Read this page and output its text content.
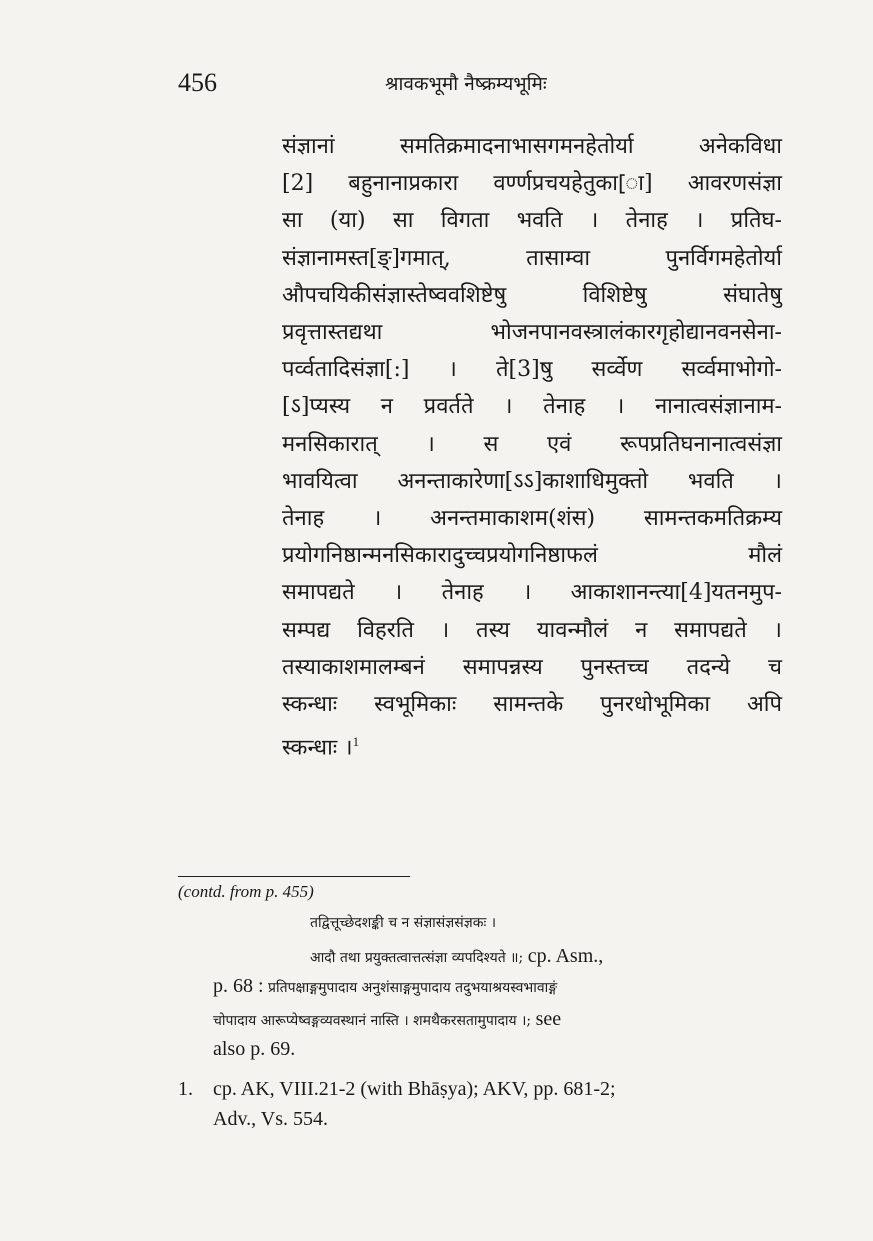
456	श्रावकभूमौ नैष्क्रम्यभूमिः
संज्ञानां समतिक्रमादनाभासगमनहेतोर्या अनेकविधा
[2] बहुनानाप्रकारा वर्ण्णप्रचयहेतुका[ा] आवरणसंज्ञा
सा (या) सा विगता भवति । तेनाह । प्रतिघ-
संज्ञानामस्त[ङ्]गमात्, तासाम्वा पुनर्विगमहेतोर्या
औपचयिकीसंज्ञास्तेष्ववशिष्टेषु विशिष्टेषु संघातेषु
प्रवृत्तास्तद्यथा भोजनपानवस्त्रालंकारगृहोद्यानवनसेना-
पर्व्वतादिसंज्ञा[:] । ते[3]षु सर्व्वेण सर्व्वमाभोगो-
[ऽ]प्यस्य न प्रवर्तते । तेनाह । नानात्वसंज्ञानाम-
मनसिकारात् । स एवं रूपप्रतिघनानात्वसंज्ञा
भावयित्वा अनन्ताकारेणा[ऽऽ]काशाधिमुक्तो भवति ।
तेनाह । अनन्तमाकाशम(शंस) सामन्तकमतिक्रम्य
प्रयोगनिष्ठान्मनसिकारादुच्चप्रयोगनिष्ठाफलं मौलं
समापद्यते । तेनाह । आकाशानन्त्या[4]यतनमुप-
सम्पद्य विहरति । तस्य यावन्मौलं न समापद्यते ।
तस्याकाशमालम्बनं समापन्नस्य पुनस्तच्च तदन्ये च
स्कन्धाः स्वभूमिकाः सामन्तके पुनरधोभूमिका अपि
स्कन्धाः ।$^1$
(contd. from p. 455)
तद्वित्तूच्छेदशङ्की च न संज्ञासंज्ञसंज्ञकः ।
आदौ तथा प्रयुक्तत्वात्तत्संज्ञा व्यपदिश्यते ॥; cp. Asm.,
p. 68 : प्रतिपक्षाङ्गमुपादाय अनुशंसाङ्गमुपादाय तदुभयाश्रयस्वभावाङ्गं
चोपादाय आरूप्येष्वङ्गव्यवस्थानं नास्ति । शमथैकरसतामुपादाय ।; see
also p. 69.
1. cp. AK, VIII.21-2 (with Bhāṣya); AKV, pp. 681-2;
Adv., Vs. 554.
